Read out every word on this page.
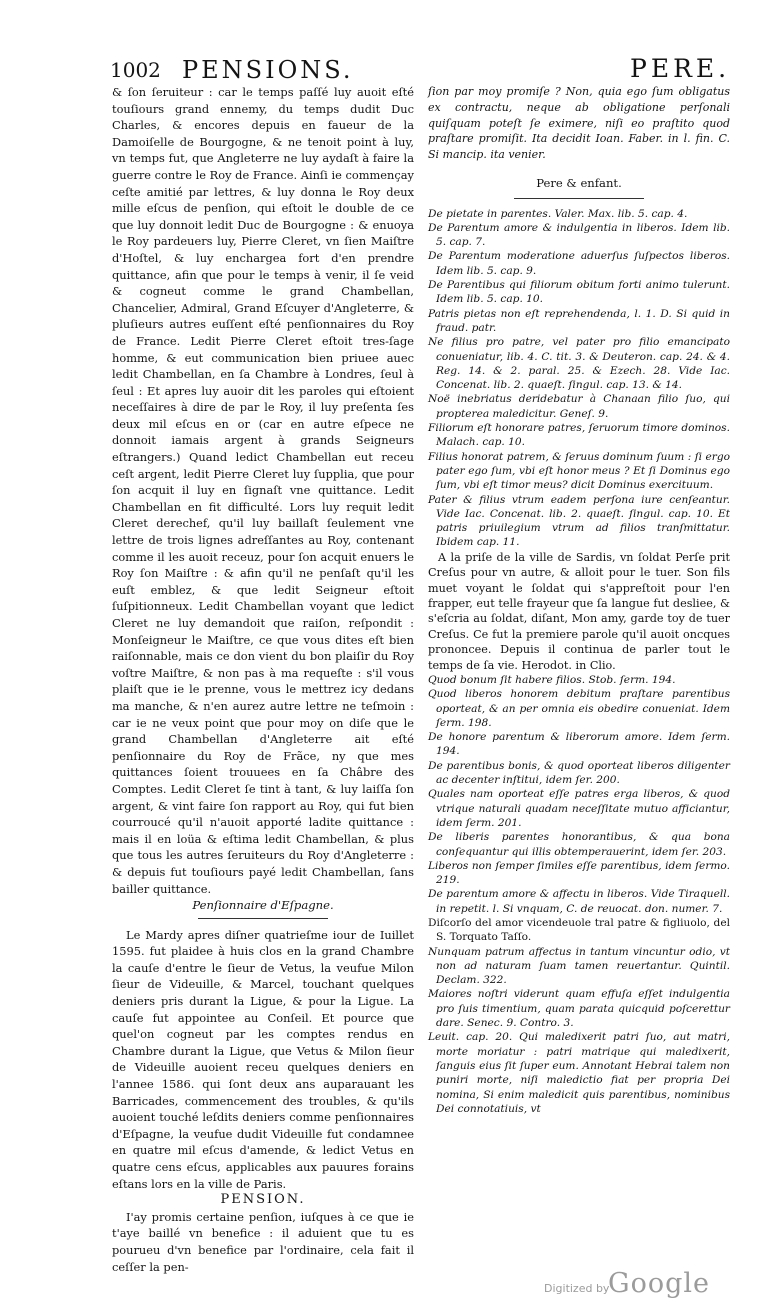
1002 PENSIONS.	PERE.

& ſon ſeruiteur : car le temps paſſé luy auoit eſté touſiours grand ennemy, du temps dudit Duc Charles, & encores depuis en faueur de la Damoiſelle de Bourgogne, & ne tenoit point à luy, vn temps fut, que Angleterre ne luy aydaſt à faire la guerre contre le Roy de France. Ainſi ie commençay ceſte amitié par lettres, & luy donna le Roy deux mille eſcus de penſion, qui eſtoit le double de ce que luy donnoit ledit Duc de Bourgogne : & enuoya le Roy pardeuers luy, Pierre Cleret, vn ſien Maiſtre d'Hoſtel, & luy enchargea fort d'en prendre quittance, afin que pour le temps à venir, il ſe veid & cogneut comme le grand Chambellan, Chancelier, Admiral, Grand Eſcuyer d'Angleterre, & pluſieurs autres euſſent eſté penſionnaires du Roy de France. Ledit Pierre Cleret eſtoit tres-ſage homme, & eut communication bien priuee auec ledit Chambellan, en ſa Chambre à Londres, ſeul à ſeul : Et apres luy auoir dit les paroles qui eſtoient neceſſaires à dire de par le Roy, il luy preſenta ſes deux mil eſcus en or (car en autre eſpece ne donnoit iamais argent à grands Seigneurs eſtrangers.) Quand ledict Chambellan eut receu ceſt argent, ledit Pierre Cleret luy ſupplia, que pour ſon acquit il luy en ſignaſt vne quittance. Ledit Chambellan en fit difficulté. Lors luy requit ledit Cleret derechef, qu'il luy baillaſt ſeulement vne lettre de trois lignes adreſſantes au Roy, contenant comme il les auoit receuz, pour ſon acquit enuers le Roy ſon Maiſtre : & afin qu'il ne penſaſt qu'il les euſt emblez, & que ledit Seigneur eſtoit ſuſpitionneux. Ledit Chambellan voyant que ledict Cleret ne luy demandoit que raiſon, reſpondit : Monſeigneur le Maiſtre, ce que vous dites eſt bien raiſonnable, mais ce don vient du bon plaiſir du Roy voſtre Maiſtre, & non pas à ma requeſte : s'il vous plaiſt que ie le prenne, vous le mettrez icy dedans ma manche, & n'en aurez autre lettre ne teſmoin : car ie ne veux point que pour moy on diſe que le grand Chambellan d'Angleterre ait eſté penſionnaire du Roy de Frãce, ny que mes quittances ſoient trouuees en ſa Châbre des Comptes. Ledit Cleret ſe tint à tant, & luy laiſſa ſon argent, & vint faire ſon rapport au Roy, qui fut bien courroucé qu'il n'auoit apporté ladite quittance : mais il en loüa & eſtima ledit Chambellan, & plus que tous les autres ſeruiteurs du Roy d'Angleterre : & depuis fut touſiours payé ledit Chambellan, ſans bailler quittance.

Penſionnaire d'Eſpagne.

Le Mardy apres diſner quatrieſme iour de Iuillet 1595. fut plaidee à huis clos en la grand Chambre la cauſe d'entre le ſieur de Vetus, la veufue Milon ſieur de Videuille, & Marcel, touchant quelques deniers pris durant la Ligue, & pour la Ligue. La cauſe fut appointee au Conſeil. Et pource que quel'on cogneut par les comptes rendus en Chambre durant la Ligue, que Vetus & Milon ſieur de Videuille auoient receu quelques deniers en l'annee 1586. qui ſont deux ans auparauant les Barricades, commencement des troubles, & qu'ils auoient touché leſdits deniers comme penſionnaires d'Eſpagne, la veufue dudit Videuille fut condamnee en quatre mil eſcus d'amende, & ledict Vetus en quatre cens eſcus, applicables aux pauures forains eſtans lors en la ville de Paris.

PENSION.

I'ay promis certaine penſion, iuſques à ce que ie t'aye baillé vn benefice : il aduient que tu es pourueu d'vn benefice par l'ordinaire, cela fait il ceſſer la pen-

ſion par moy promiſe ? Non, quia ego ſum obligatus ex contractu, neque ab obligatione perſonali quiſquam poteſt ſe eximere, niſi eo praſtito quod praſtare promiſit. Ita decidit Ioan. Faber. in l. fin. C. Si mancip. ita venier.

Pere & enfant.

De pietate in parentes. Valer. Max. lib. 5. cap. 4.

De Parentum amore & indulgentia in liberos. Idem lib. 5. cap. 7.

De Parentum moderatione aduerſus ſuſpectos liberos. Idem lib. 5. cap. 9.

De Parentibus qui filiorum obitum forti animo tulerunt. Idem lib. 5. cap. 10.

Patris pietas non eſt reprehendenda, l. 1. D. Si quid in fraud. patr.

Ne filius pro patre, vel pater pro filio emancipato conueniatur, lib. 4. C. tit. 3. & Deuteron. cap. 24. & 4. Reg. 14. & 2. paral. 25. & Ezech. 28. Vide Iac. Concenat. lib. 2. quaeſt. ſingul. cap. 13. & 14.

Noë inebriatus deridebatur à Chanaan filio ſuo, qui propterea maledicitur. Geneſ. 9.

Filiorum eſt honorare patres, ſeruorum timore dominos. Malach. cap. 10.

Filius honorat patrem, & ſeruus dominum ſuum : ſi ergo pater ego ſum, vbi eſt honor meus ? Et ſi Dominus ego ſum, vbi eſt timor meus? dicit Dominus exercituum.

Pater & filius vtrum eadem perſona iure cenſeantur. Vide Iac. Concenat. lib. 2. quaeſt. ſingul. cap. 10. Et patris priuilegium vtrum ad filios tranſmittatur. Ibidem cap. 11.

A la priſe de la ville de Sardis, vn ſoldat Perſe prit Creſus pour vn autre, & alloit pour le tuer. Son fils muet voyant le ſoldat qui s'appreſtoit pour l'en frapper, eut telle frayeur que ſa langue fut desliee, & s'eſcria au ſoldat, diſant, Mon amy, garde toy de tuer Creſus. Ce fut la premiere parole qu'il auoit oncques prononcee. Depuis il continua de parler tout le temps de ſa vie. Herodot. in Clio.

Quod bonum ſit habere filios. Stob. ſerm. 194.

Quod liberos honorem debitum praſtare parentibus oporteat, & an per omnia eis obedire conueniat. Idem ſerm. 198.

De honore parentum & liberorum amore. Idem ſerm. 194.

De parentibus bonis, & quod oporteat liberos diligenter ac decenter inſtitui, idem ſer. 200.

Quales nam oporteat eſſe patres erga liberos, & quod vtrique naturali quadam neceſſitate mutuo afficiantur, idem ſerm. 201.

De liberis parentes honorantibus, & qua bona conſequantur qui illis obtemperauerint, idem ſer. 203.

Liberos non ſemper ſimiles eſſe parentibus, idem ſermo. 219.

De parentum amore & affectu in liberos. Vide Tiraquell. in repetit. l. Si vnquam, C. de reuocat. don. numer. 7.

Diſcorſo del amor vicendeuole tral patre & figliuolo, del S. Torquato Taſſo.

Nunquam patrum affectus in tantum vincuntur odio, vt non ad naturam ſuam tamen reuertantur. Quintil. Declam. 322.

Maiores noſtri viderunt quam effuſa eſſet indulgentia pro ſuis timentium, quam parata quicquid poſcerettur dare. Senec. 9. Contro. 3.

Leuit. cap. 20. Qui maledixerit patri ſuo, aut matri, morte moriatur : patri matrique qui maledixerit, ſanguis eius ſit ſuper eum. Annotant Hebrai talem non puniri morte, niſi maledictio fiat per propria Dei nomina, Si enim maledicit quis parentibus, nominibus Dei connotatiuis, vt

Digitized by
Google
